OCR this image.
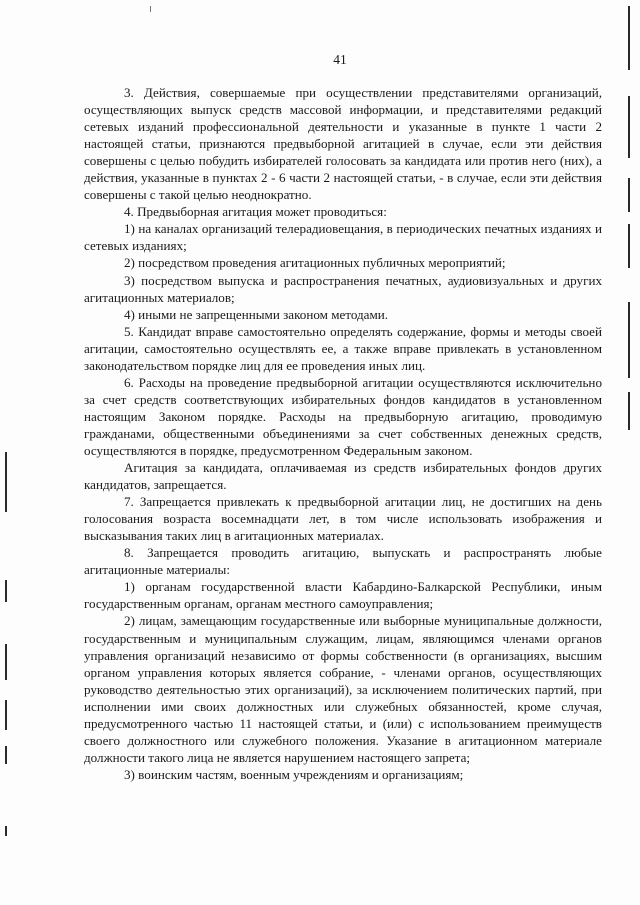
41

3. Действия, совершаемые при осуществлении представителями организаций, осуществляющих выпуск средств массовой информации, и представителями редакций сетевых изданий профессиональной деятельности и указанные в пункте 1 части 2 настоящей статьи, признаются предвыборной агитацией в случае, если эти действия совершены с целью побудить избирателей голосовать за кандидата или против него (них), а действия, указанные в пунктах 2 - 6 части 2 настоящей статьи, - в случае, если эти действия совершены с такой целью неоднократно.

4. Предвыборная агитация может проводиться:

1) на каналах организаций телерадиовещания, в периодических печатных изданиях и сетевых изданиях;

2) посредством проведения агитационных публичных мероприятий;

3) посредством выпуска и распространения печатных, аудиовизуальных и других агитационных материалов;

4) иными не запрещенными законом методами.

5. Кандидат вправе самостоятельно определять содержание, формы и методы своей агитации, самостоятельно осуществлять ее, а также вправе привлекать в установленном законодательством порядке лиц для ее проведения иных лиц.

6. Расходы на проведение предвыборной агитации осуществляются исключительно за счет средств соответствующих избирательных фондов кандидатов в установленном настоящим Законом порядке. Расходы на предвыборную агитацию, проводимую гражданами, общественными объединениями за счет собственных денежных средств, осуществляются в порядке, предусмотренном Федеральным законом.

Агитация за кандидата, оплачиваемая из средств избирательных фондов других кандидатов, запрещается.

7. Запрещается привлекать к предвыборной агитации лиц, не достигших на день голосования возраста восемнадцати лет, в том числе использовать изображения и высказывания таких лиц в агитационных материалах.

8. Запрещается проводить агитацию, выпускать и распространять любые агитационные материалы:

1) органам государственной власти Кабардино-Балкарской Республики, иным государственным органам, органам местного самоуправления;

2) лицам, замещающим государственные или выборные муниципальные должности, государственным и муниципальным служащим, лицам, являющимся членами органов управления организаций независимо от формы собственности (в организациях, высшим органом управления которых является собрание, - членами органов, осуществляющих руководство деятельностью этих организаций), за исключением политических партий, при исполнении ими своих должностных или служебных обязанностей, кроме случая, предусмотренного частью 11 настоящей статьи, и (или) с использованием преимуществ своего должностного или служебного положения. Указание в агитационном материале должности такого лица не является нарушением настоящего запрета;

3) воинским частям, военным учреждениям и организациям;
